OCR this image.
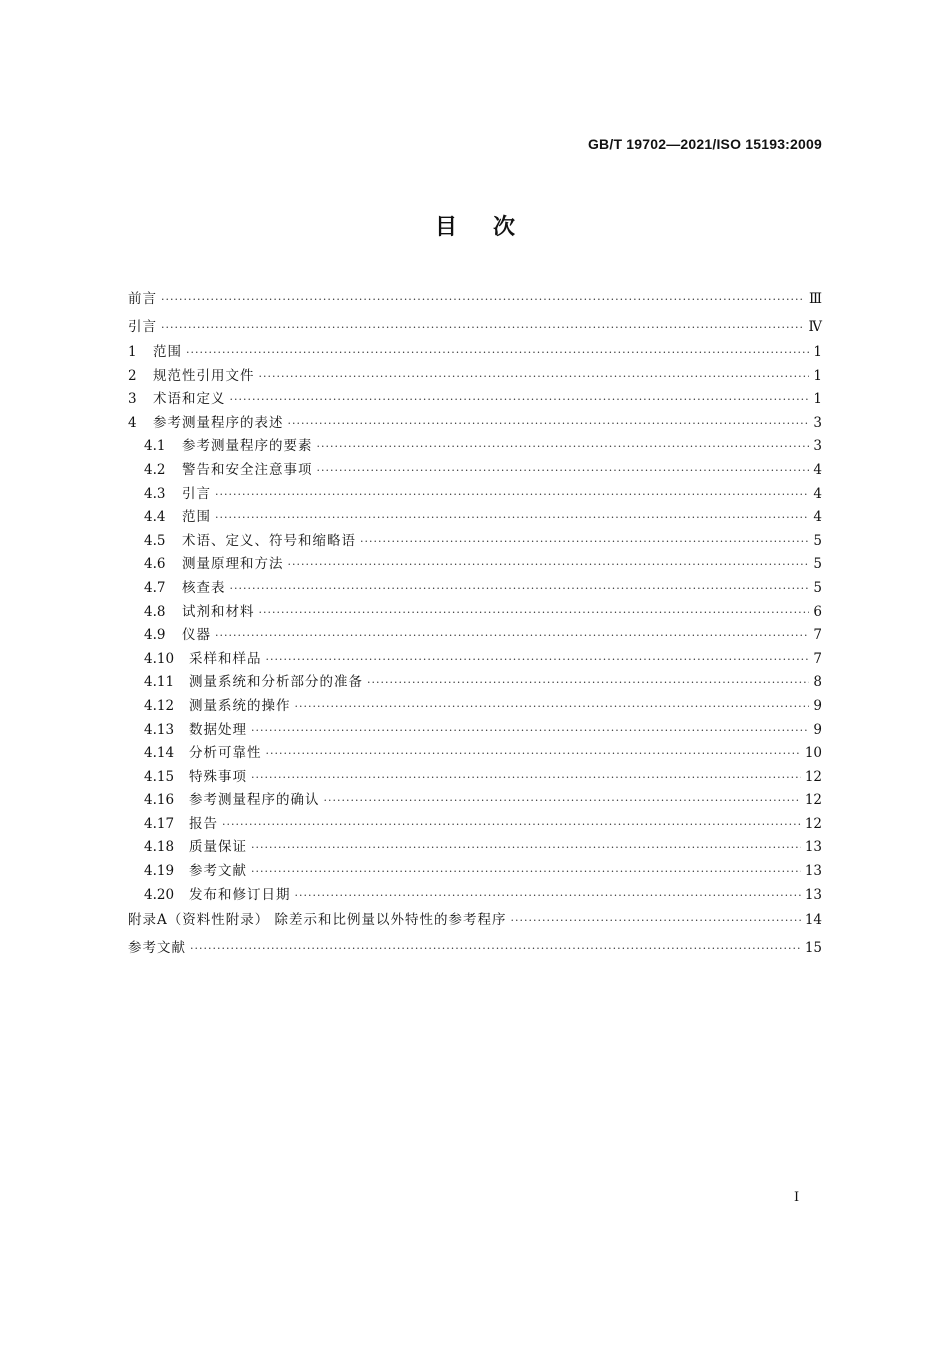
GB/T 19702—2021/ISO 15193:2009
目次
前言 ·····	Ⅲ
引言 ·····	Ⅳ
1	范围 ·····	1
2	规范性引用文件 ·····	1
3	术语和定义 ·····	1
4	参考测量程序的表述 ·····	3
4.1	参考测量程序的要素 ·····	3
4.2	警告和安全注意事项 ·····	4
4.3	引言 ·····	4
4.4	范围 ·····	4
4.5	术语、定义、符号和缩略语 ·····	5
4.6	测量原理和方法 ·····	5
4.7	核查表 ·····	5
4.8	试剂和材料 ·····	6
4.9	仪器 ·····	7
4.10	采样和样品 ·····	7
4.11	测量系统和分析部分的准备 ·····	8
4.12	测量系统的操作 ·····	9
4.13	数据处理 ·····	9
4.14	分析可靠性 ·····	10
4.15	特殊事项 ·····	12
4.16	参考测量程序的确认 ·····	12
4.17	报告 ·····	12
4.18	质量保证 ·····	13
4.19	参考文献 ·····	13
4.20	发布和修订日期 ·····	13
附录A（资料性附录） 除差示和比例量以外特性的参考程序 ·····	14
参考文献 ·····	15
I
